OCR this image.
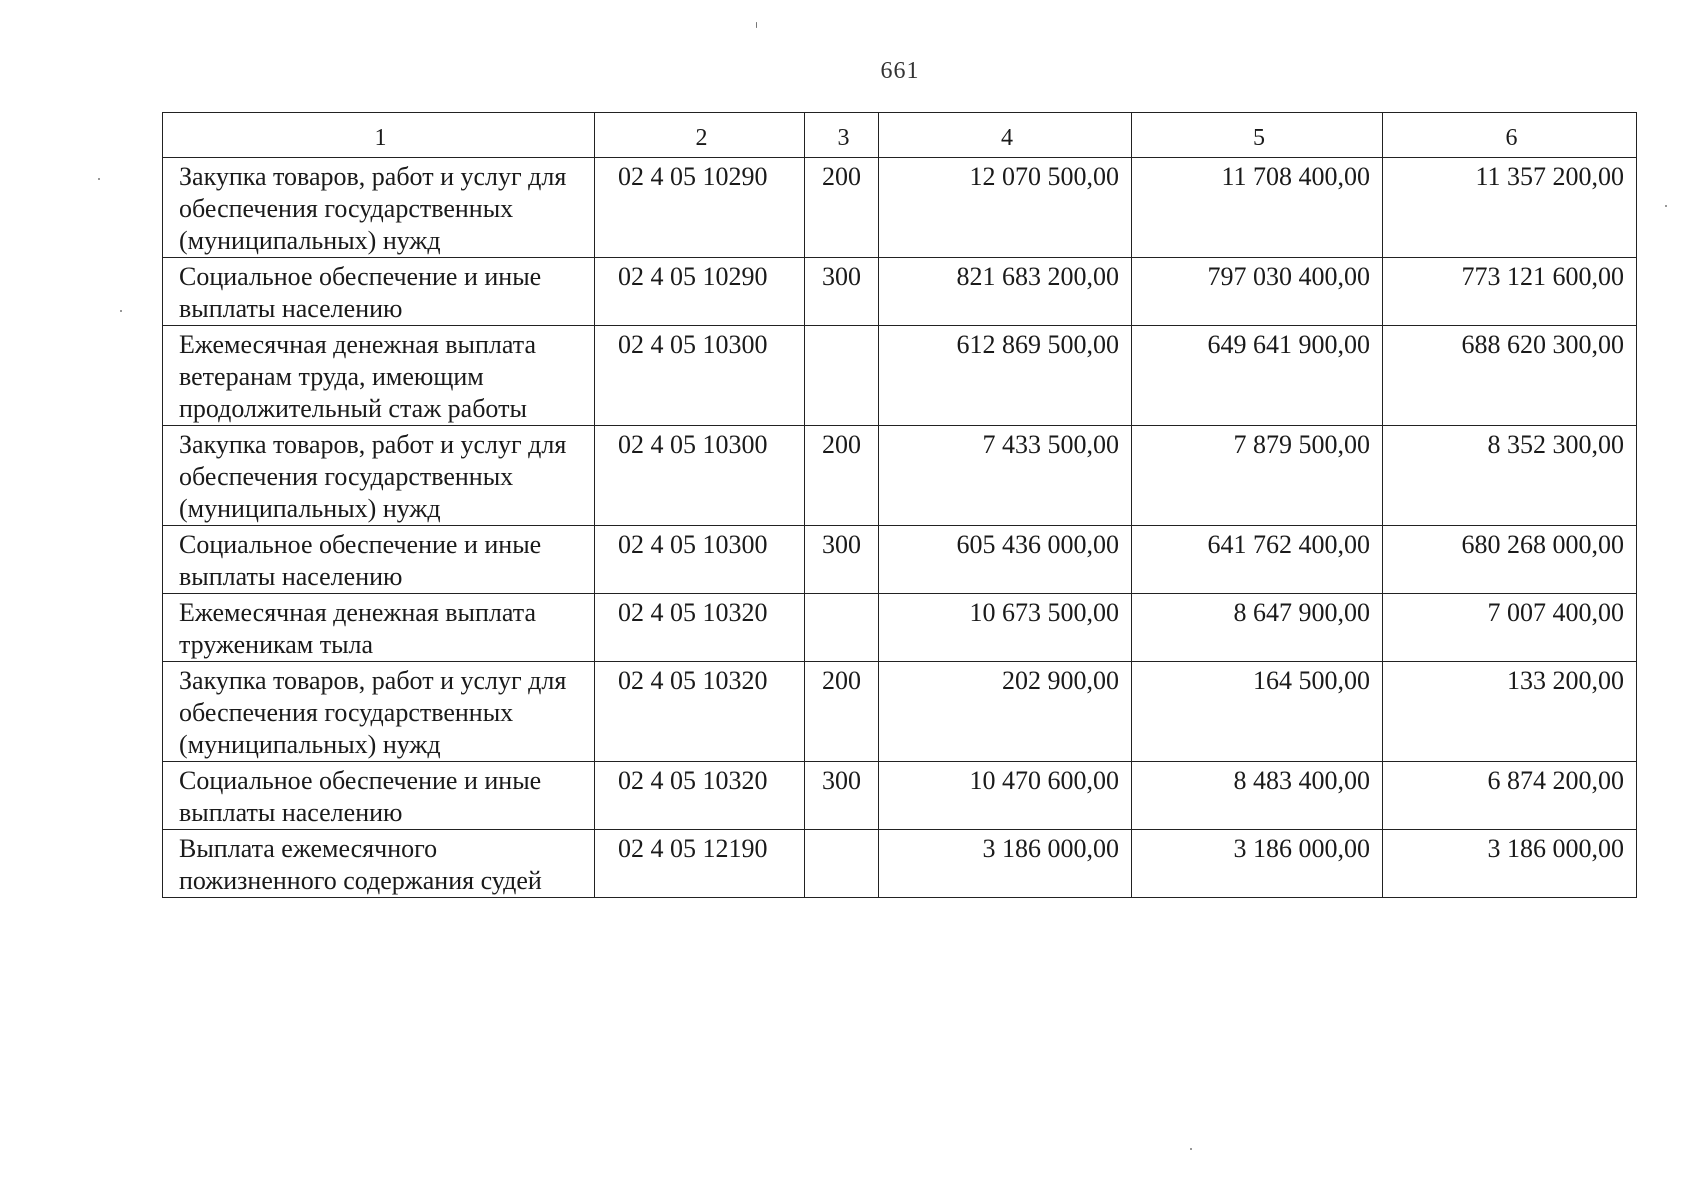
661
1	2	3	4	5	6
Закупка товаров, работ и услуг для обеспечения государственных (муниципальных) нужд	02 4 05 10290	200	12 070 500,00	11 708 400,00	11 357 200,00
Социальное обеспечение и иные выплаты населению	02 4 05 10290	300	821 683 200,00	797 030 400,00	773 121 600,00
Ежемесячная денежная выплата ветеранам труда, имеющим продолжительный стаж работы	02 4 05 10300		612 869 500,00	649 641 900,00	688 620 300,00
Закупка товаров, работ и услуг для обеспечения государственных (муниципальных) нужд	02 4 05 10300	200	7 433 500,00	7 879 500,00	8 352 300,00
Социальное обеспечение и иные выплаты населению	02 4 05 10300	300	605 436 000,00	641 762 400,00	680 268 000,00
Ежемесячная денежная выплата труженикам тыла	02 4 05 10320		10 673 500,00	8 647 900,00	7 007 400,00
Закупка товаров, работ и услуг для обеспечения государственных (муниципальных) нужд	02 4 05 10320	200	202 900,00	164 500,00	133 200,00
Социальное обеспечение и иные выплаты населению	02 4 05 10320	300	10 470 600,00	8 483 400,00	6 874 200,00
Выплата ежемесячного пожизненного содержания судей	02 4 05 12190		3 186 000,00	3 186 000,00	3 186 000,00
